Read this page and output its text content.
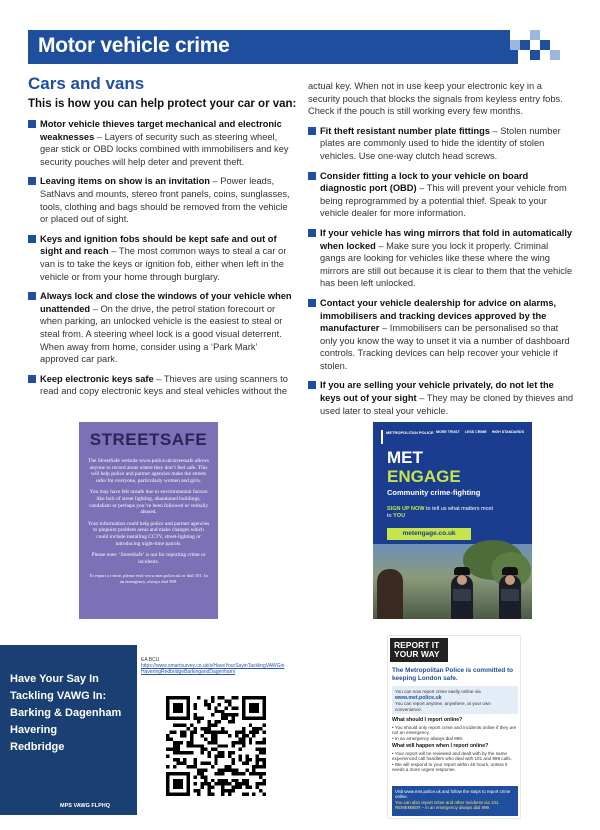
Motor vehicle crime
Cars and vans
This is how you can help protect your car or van:
Motor vehicle thieves target mechanical and electronic weaknesses – Layers of security such as steering wheel, gear stick or OBD locks combined with immobilisers and key security pouches will help deter and prevent theft.
Leaving items on show is an invitation – Power leads, SatNavs and mounts, stereo front panels, coins, sunglasses, tools, clothing and bags should be removed from the vehicle or placed out of sight.
Keys and ignition fobs should be kept safe and out of sight and reach – The most common ways to steal a car or van is to take the keys or ignition fob, either when left in the vehicle or from your home through burglary.
Always lock and close the windows of your vehicle when unattended – On the drive, the petrol station forecourt or when parking, an unlocked vehicle is the easiest to steal or steal from. A steering wheel lock is a good visual deterrent. When away from home, consider using a ‘Park Mark’ approved car park.
Keep electronic keys safe – Thieves are using scanners to read and copy electronic keys and steal vehicles without the
actual key. When not in use keep your electronic key in a security pouch that blocks the signals from keyless entry fobs. Check if the pouch is still working every few months.
Fit theft resistant number plate fittings – Stolen number plates are commonly used to hide the identity of stolen vehicles. Use one-way clutch head screws.
Consider fitting a lock to your vehicle on board diagnostic port (OBD) – This will prevent your vehicle from being reprogrammed by a potential thief. Speak to your vehicle dealer for more information.
If your vehicle has wing mirrors that fold in automatically when locked – Make sure you lock it properly. Criminal gangs are looking for vehicles like these where the wing mirrors are still out because it is clear to them that the vehicle has been left unlocked.
Contact your vehicle dealership for advice on alarms, immobilisers and tracking devices approved by the manufacturer – Immobilisers can be personalised so that only you know the way to unset it via a number of dashboard controls. Tracking devices can help recover your vehicle if stolen.
If you are selling your vehicle privately, do not let the keys out of your sight – They may be cloned by thieves and used later to steal your vehicle.
STREETSAFE
The StreetSafe website www.police.uk/streetsafe allows anyone to record areas where they don’t feel safe. This will help police and partner agencies make the streets safer for everyone, particularly women and girls.
You may have felt unsafe due to environmental factors like lack of street lighting, abandoned buildings, vandalism or perhaps you’ve been followed or verbally abused.
Your information could help police and partner agencies to pinpoint problem areas and make changes which could include installing CCTV, street-lighting or introducing night-time patrols.
Please note: ‘StreetSafe’ is not for reporting crime or incidents.
To report a crime, please visit www.met.police.uk or dial 101. In an emergency, always dial 999.
METROPOLITAN POLICE MORE TRUST LESS CRIME HIGH STANDARDS
MET
ENGAGE
Community crime-fighting
SIGN UP NOW to tell us what matters most to YOU
metengage.co.uk
Have Your Say In
Tackling VAWG In:
Barking & Dagenham
Havering
Redbridge
MPS VAWG FLPHQ
EA BCU
https://www.smartsurvey.co.uk/s/HaveYourSayinTacklingVAWGin HaveringRedbridgeBarkingandDagenham/
REPORT IT YOUR WAY
The Metropolitan Police is committed to keeping London safe.
You can now report crime easily online via
www.met.police.uk
You can report anytime, anywhere, at your own convenience.
What should I report online?
• You should only report crime and incidents online if they are not an emergency.
• In an emergency always dial 999.
What will happen when I report online?
• Your report will be reviewed and dealt with by the same experienced call handlers who deal with 101 and 999 calls.
• We will respond to your report within 48 hours, unless it needs a more urgent response.
Visit www.met.police.uk and follow the steps to report crime online.
You can also report crime and other incidents via 101.
REMEMBER – in an emergency always dial 999.
